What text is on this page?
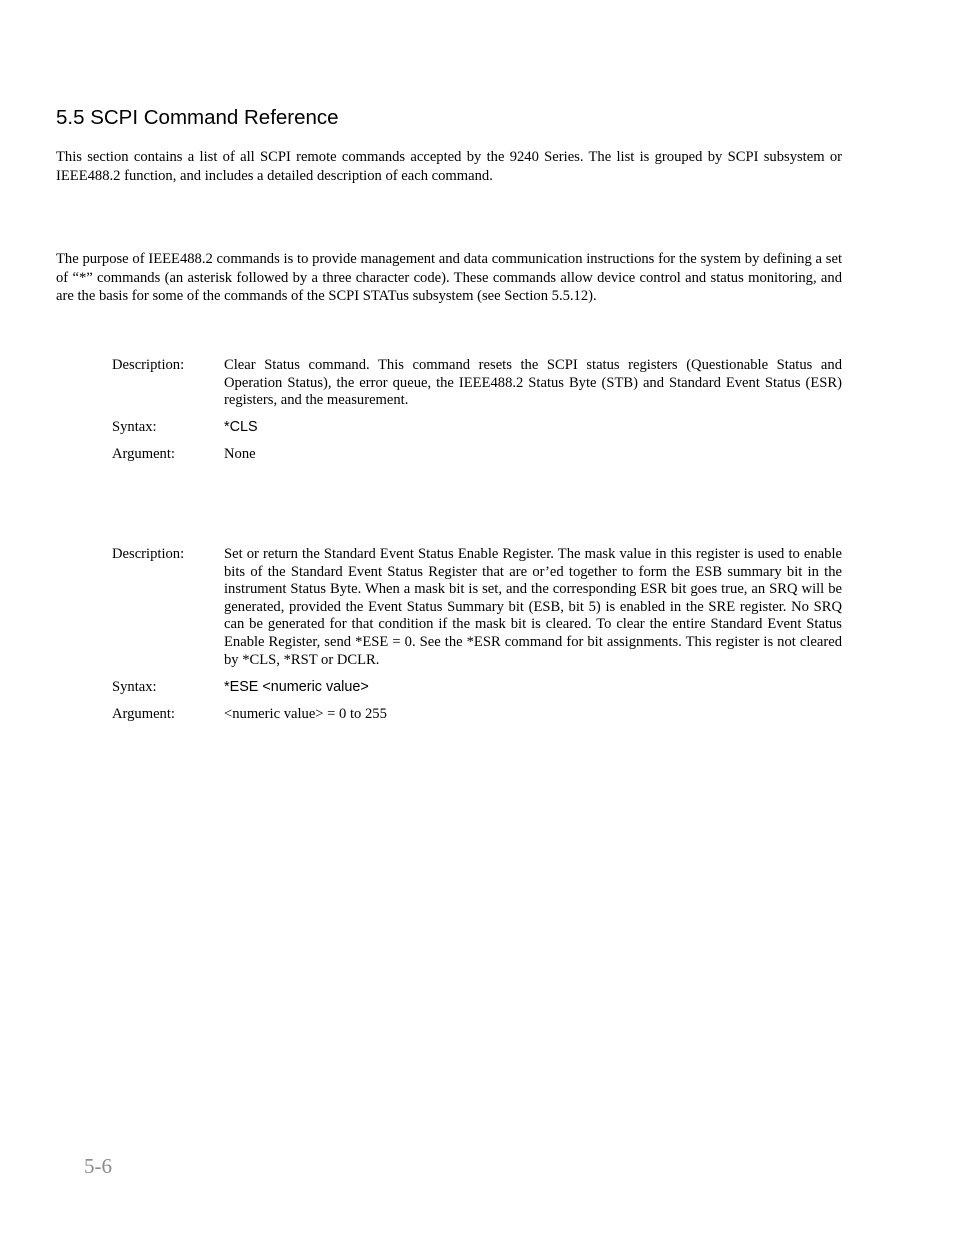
5.5 SCPI Command Reference

This section contains a list of all SCPI remote commands accepted by the 9240 Series. The list is grouped by SCPI subsystem or IEEE488.2 function, and includes a detailed description of each command.

The purpose of IEEE488.2 commands is to provide management and data communication instructions for the system by defining a set of “*” commands (an asterisk followed by a three character code). These commands allow device control and status monitoring, and are the basis for some of the commands of the SCPI STATus subsystem (see Section 5.5.12).

Description:	Clear Status command. This command resets the SCPI status registers (Questionable Status and Operation Status), the error queue, the IEEE488.2 Status Byte (STB) and Standard Event Status (ESR) registers, and the measurement.
Syntax:	*CLS
Argument:	None
Description:	Set or return the Standard Event Status Enable Register. The mask value in this register is used to enable bits of the Standard Event Status Register that are or’ed together to form the ESB summary bit in the instrument Status Byte. When a mask bit is set, and the corresponding ESR bit goes true, an SRQ will be generated, provided the Event Status Summary bit (ESB, bit 5) is enabled in the SRE register. No SRQ can be generated for that condition if the mask bit is cleared. To clear the entire Standard Event Status Enable Register, send *ESE = 0. See the *ESR command for bit assignments. This register is not cleared by *CLS, *RST or DCLR.
Syntax:	*ESE <numeric value>
Argument:	<numeric value> = 0 to 255
5-6
